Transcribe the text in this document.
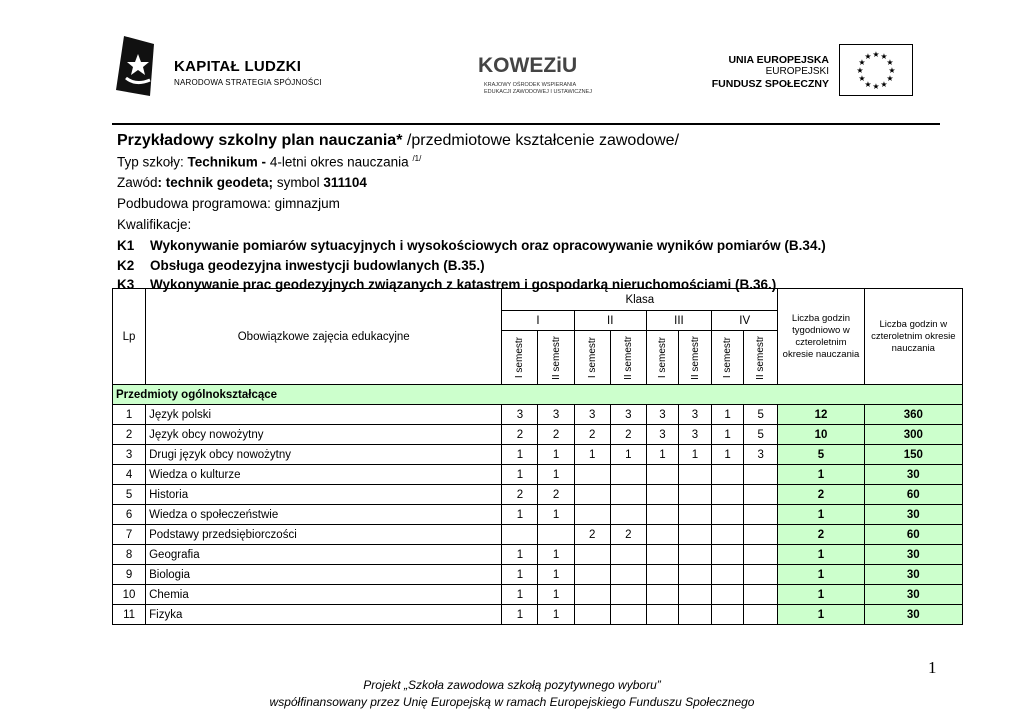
KAPITAŁ LUDZKI
NARODOWA STRATEGIA SPÓJNOŚCI
KOWEZiU
KRAJOWY OŚRODEK WSPIERANIA
EDUKACJI ZAWODOWEJ I USTAWICZNEJ
UNIA EUROPEJSKA
EUROPEJSKI
FUNDUSZ SPOŁECZNY
★ ★
★
★
★
★
★
★
★
★
★
★
Przykładowy szkolny plan nauczania* /przedmiotowe kształcenie zawodowe/
Typ szkoły: Technikum - 4-letni okres nauczania $^{/1/}$
Zawód: technik geodeta; symbol 311104
Podbudowa programowa: gimnazjum
Kwalifikacje:
K1 Wykonywanie pomiarów sytuacyjnych i wysokościowych oraz opracowywanie wyników pomiarów (B.34.)
K2 Obsługa geodezyjna inwestycji budowlanych (B.35.)
K3 Wykonywanie prac geodezyjnych związanych z katastrem i gospodarką nieruchomościami (B.36.)
Lp	Obowiązkowe zajęcia edukacyjne	Klasa								Liczba godzin tygodniowo w czteroletnim okresie nauczania	Liczba godzin w czteroletnim okresie nauczania
		I		II		III		IV			

		I semestr	II semestr	I semestr	II semestr	I semestr	II semestr	I semestr	II semestr		

Przedmioty ogólnokształcące											
1	Język polski	3	3	3	3	3	3	1	5	12	360
2	Język obcy nowożytny	2	2	2	2	3	3	1	5	10	300
3	Drugi język obcy nowożytny	1	1	1	1	1	1	1	3	5	150
4	Wiedza o kulturze	1	1							1	30
5	Historia	2	2							2	60
6	Wiedza o społeczeństwie	1	1							1	30
7	Podstawy przedsiębiorczości			2	2					2	60
8	Geografia	1	1							1	30
9	Biologia	1	1							1	30
10	Chemia	1	1							1	30
11	Fizyka	1	1							1	30
1
Projekt „Szkoła zawodowa szkołą pozytywnego wyboru”
współfinansowany przez Unię Europejską w ramach Europejskiego Funduszu Społecznego
